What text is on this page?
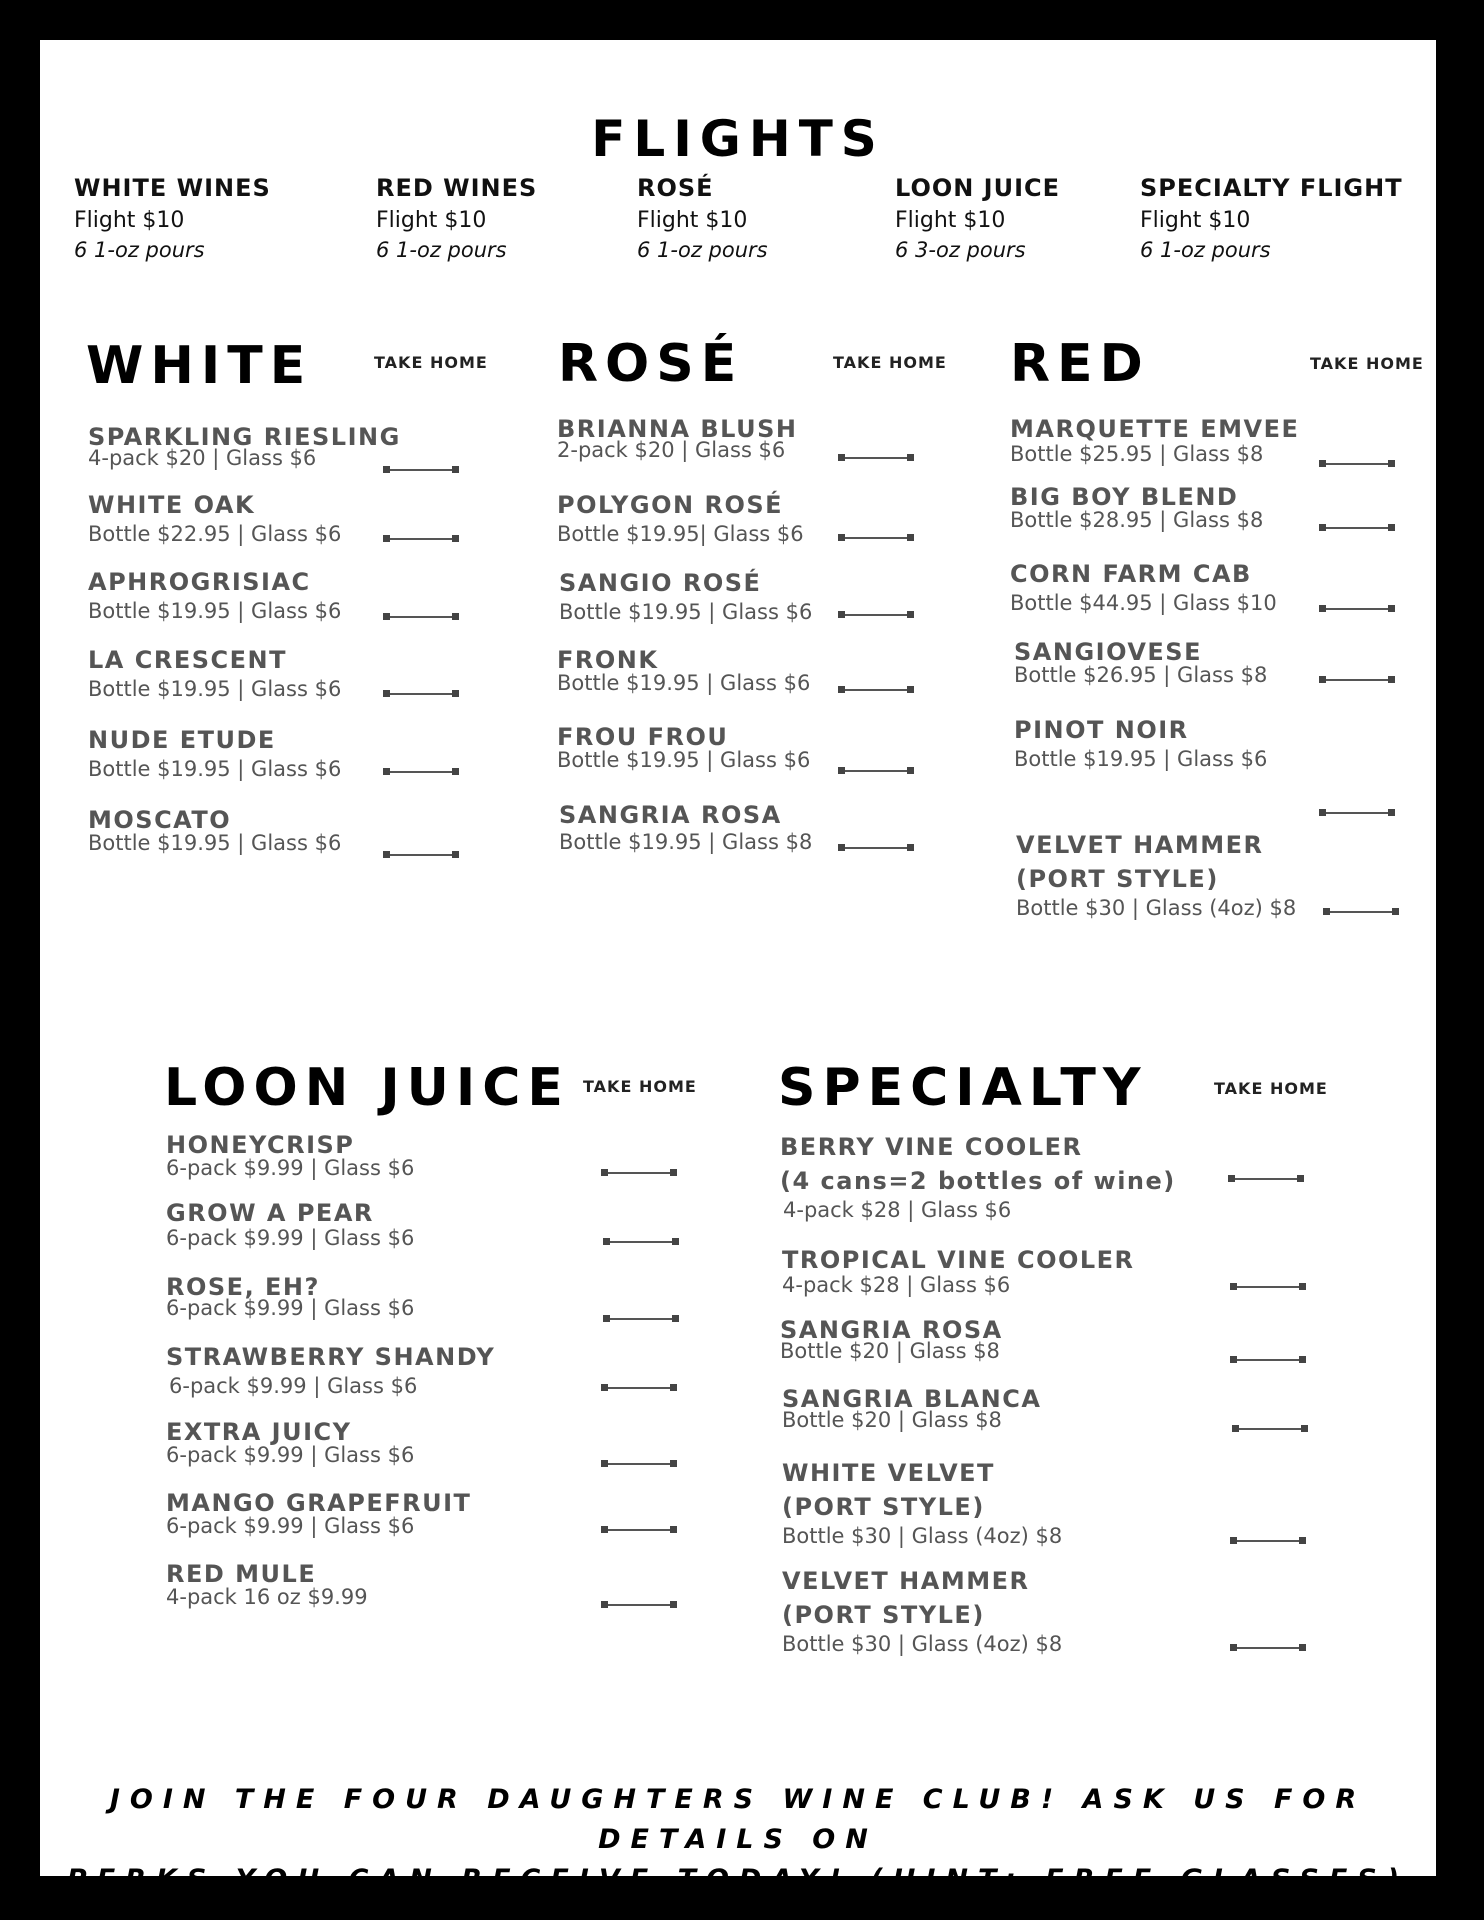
FLIGHTS
WHITE WINES
Flight $10
6 1-oz pours
RED WINES
Flight $10
6 1-oz pours
ROSÉ
Flight $10
6 1-oz pours
LOON JUICE
Flight $10
6 3-oz pours
SPECIALTY FLIGHT
Flight $10
6 1-oz pours
WHITE	TAKE HOME
SPARKLING RIESLING
4-pack $20 | Glass $6
WHITE OAK
Bottle $22.95 | Glass $6
APHROGRISIAC
Bottle $19.95 | Glass $6
LA CRESCENT
Bottle $19.95 | Glass $6
NUDE ETUDE
Bottle $19.95 | Glass $6
MOSCATO
Bottle $19.95 | Glass $6
ROSÉ	TAKE HOME
BRIANNA BLUSH
2-pack $20 | Glass $6
POLYGON ROSÉ
Bottle $19.95| Glass $6
SANGIO ROSÉ
Bottle $19.95 | Glass $6
FRONK
Bottle $19.95 | Glass $6
FROU FROU
Bottle $19.95 | Glass $6
SANGRIA ROSA
Bottle $19.95 | Glass $8
RED	TAKE HOME
MARQUETTE EMVEE
Bottle $25.95 | Glass $8
BIG BOY BLEND
Bottle $28.95 | Glass $8
CORN FARM CAB
Bottle $44.95 | Glass $10
SANGIOVESE
Bottle $26.95 | Glass $8
PINOT NOIR
Bottle $19.95 | Glass $6
VELVET HAMMER
(PORT STYLE)
Bottle $30 | Glass (4oz) $8
LOON JUICE TAKE HOME
HONEYCRISP
6-pack $9.99 | Glass $6
GROW A PEAR
6-pack $9.99 | Glass $6
ROSE, EH?
6-pack $9.99 | Glass $6
STRAWBERRY SHANDY
6-pack $9.99 | Glass $6
EXTRA JUICY
6-pack $9.99 | Glass $6
MANGO GRAPEFRUIT
6-pack $9.99 | Glass $6
RED MULE
4-pack 16 oz $9.99
SPECIALTY	TAKE HOME
BERRY VINE COOLER
(4 cans=2 bottles of wine)
4-pack $28 | Glass $6
TROPICAL VINE COOLER
4-pack $28 | Glass $6
SANGRIA ROSA
Bottle $20 | Glass $8
SANGRIA BLANCA
Bottle $20 | Glass $8
WHITE VELVET
(PORT STYLE)
Bottle $30 | Glass (4oz) $8
VELVET HAMMER
(PORT STYLE)
Bottle $30 | Glass (4oz) $8
JOIN THE FOUR DAUGHTERS WINE CLUB! ASK US FOR DETAILS ON
PERKS YOU CAN RECEIVE TODAY! (HINT: FREE GLASSES)
